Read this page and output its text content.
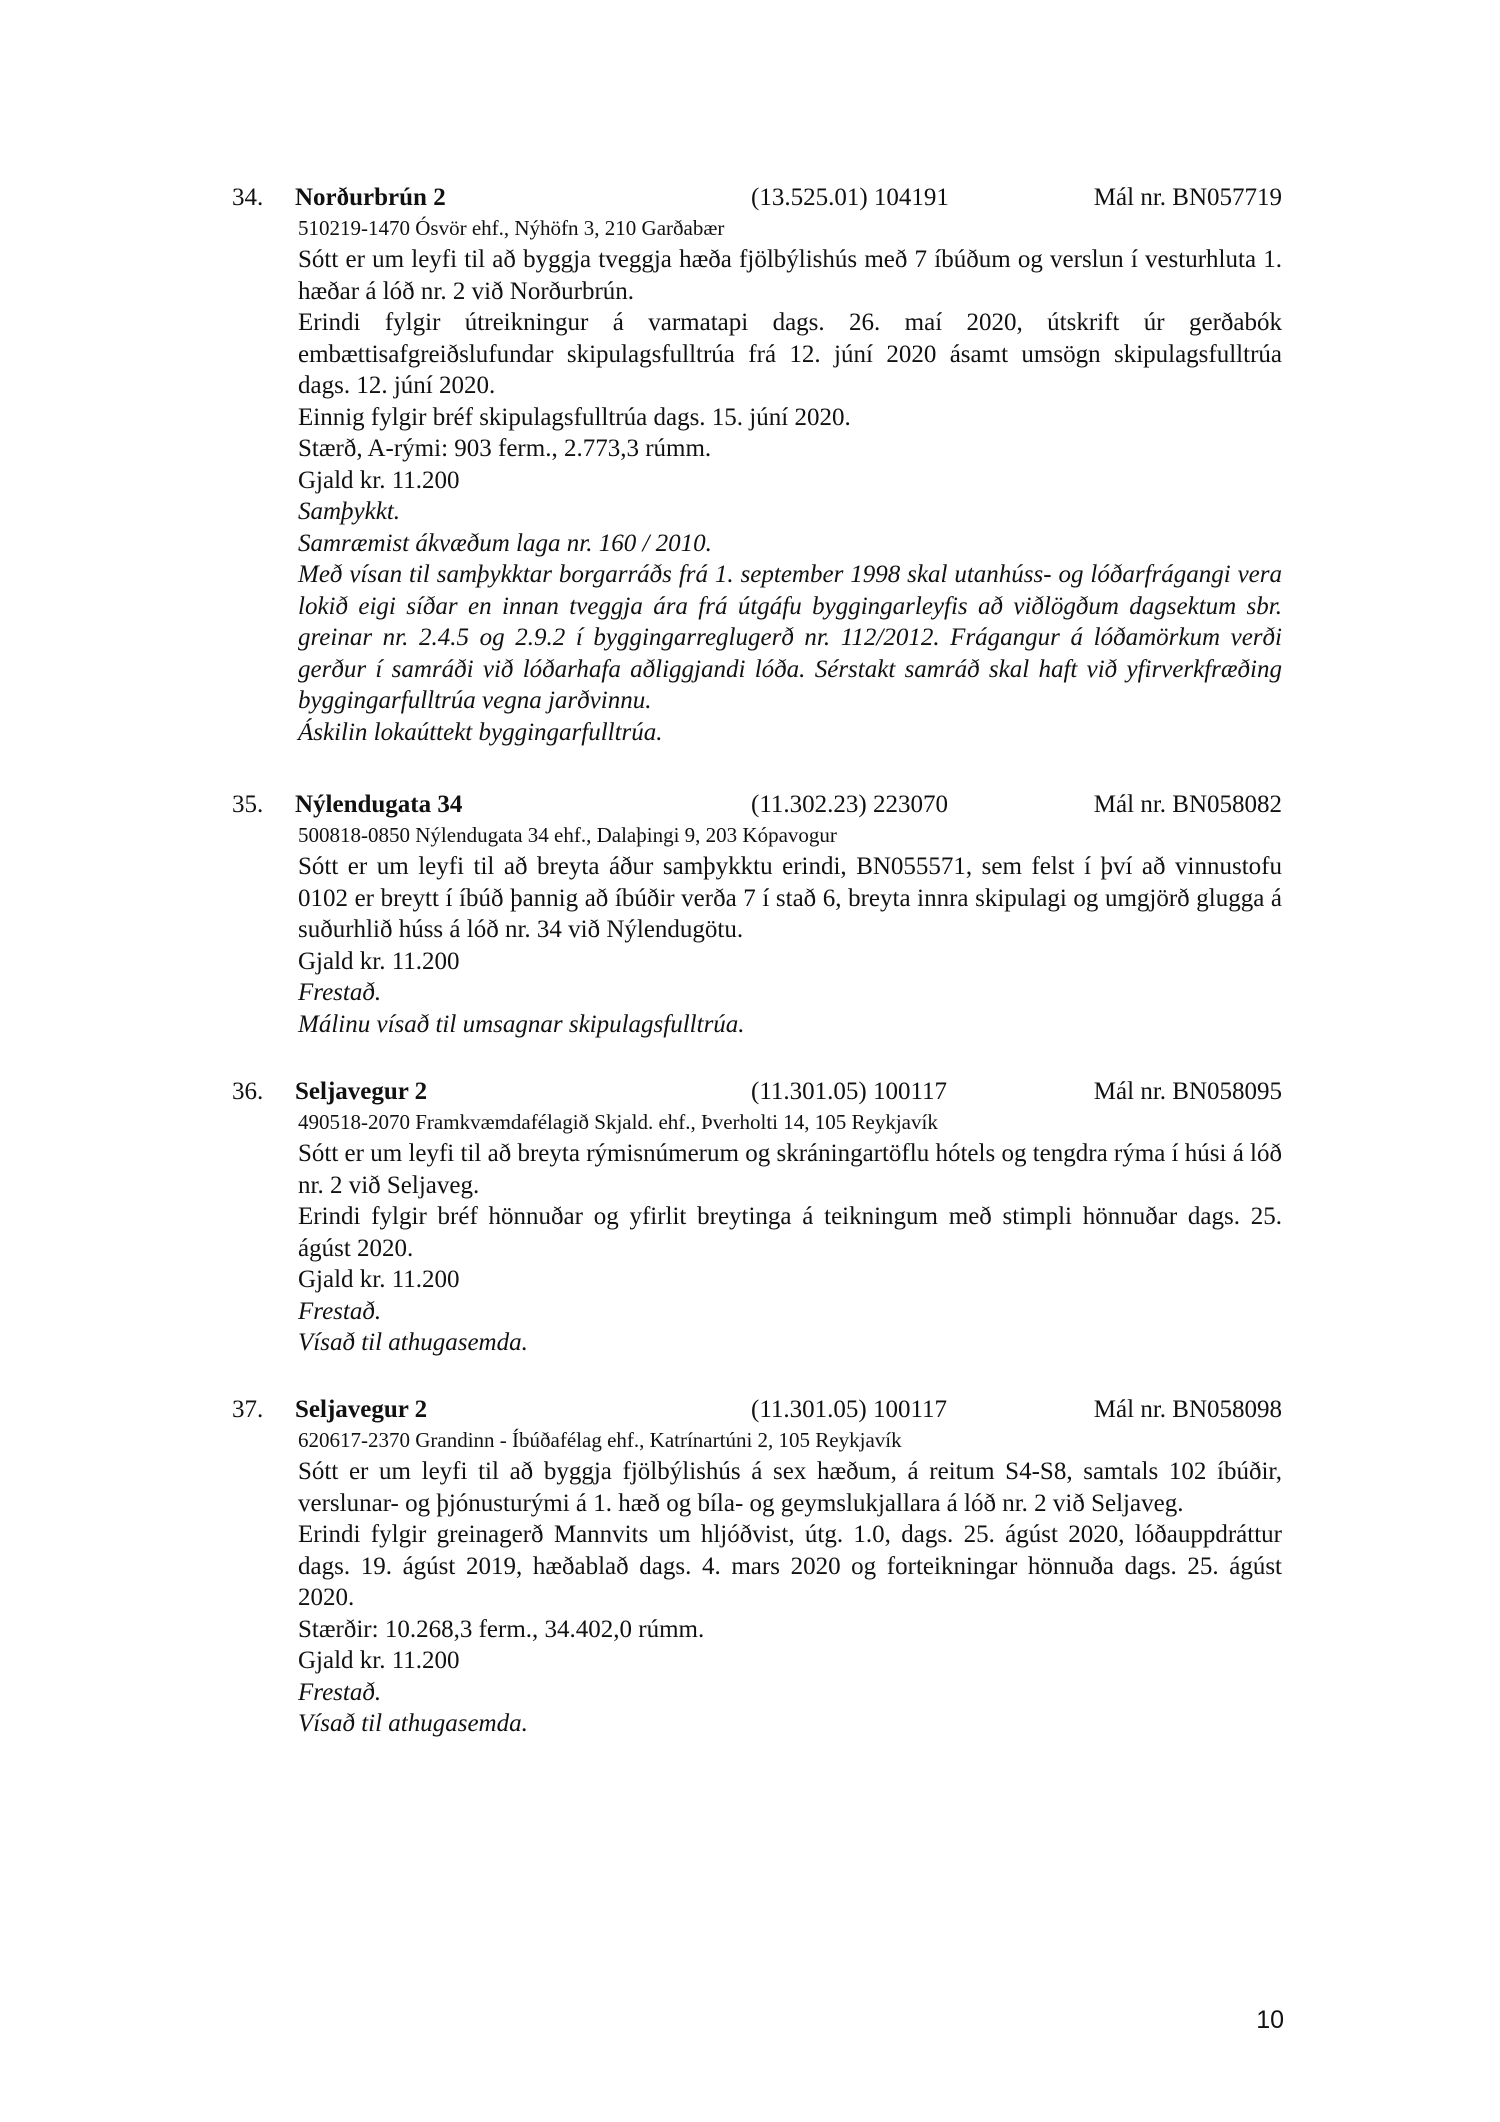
34. Norðurbrún 2	(13.525.01) 104191	Mál nr. BN057719
510219-1470 Ósvör ehf., Nýhöfn 3, 210 Garðabær

Sótt er um leyfi til að byggja tveggja hæða fjölbýlishús með 7 íbúðum og verslun í vesturhluta 1. hæðar á lóð nr. 2 við Norðurbrún.

Erindi fylgir útreikningur á varmatapi dags. 26. maí 2020, útskrift úr gerðabók embættisafgreiðslufundar skipulagsfulltrúa frá 12. júní 2020 ásamt umsögn skipulagsfulltrúa dags. 12. júní 2020.

Einnig fylgir bréf skipulagsfulltrúa dags. 15. júní 2020.

Stærð, A-rými: 903 ferm., 2.773,3 rúmm.

Gjald kr. 11.200

Samþykkt.

Samræmist ákvæðum laga nr. 160 / 2010.

Með vísan til samþykktar borgarráðs frá 1. september 1998 skal utanhúss- og lóðarfrágangi vera lokið eigi síðar en innan tveggja ára frá útgáfu byggingarleyfis að viðlögðum dagsektum sbr. greinar nr. 2.4.5 og 2.9.2 í byggingarreglugerð nr. 112/2012. Frágangur á lóðamörkum verði gerður í samráði við lóðarhafa aðliggjandi lóða. Sérstakt samráð skal haft við yfirverkfræðing byggingarfulltrúa vegna jarðvinnu.

Áskilin lokaúttekt byggingarfulltrúa.

35. Nýlendugata 34	(11.302.23) 223070	Mál nr. BN058082
500818-0850 Nýlendugata 34 ehf., Dalaþingi 9, 203 Kópavogur

Sótt er um leyfi til að breyta áður samþykktu erindi, BN055571, sem felst í því að vinnustofu 0102 er breytt í íbúð þannig að íbúðir verða 7 í stað 6, breyta innra skipulagi og umgjörð glugga á suðurhlið húss á lóð nr. 34 við Nýlendugötu.

Gjald kr. 11.200

Frestað.

Málinu vísað til umsagnar skipulagsfulltrúa.

36. Seljavegur 2	(11.301.05) 100117	Mál nr. BN058095
490518-2070 Framkvæmdafélagið Skjald. ehf., Þverholti 14, 105 Reykjavík

Sótt er um leyfi til að breyta rýmisnúmerum og skráningartöflu hótels og tengdra rýma í húsi á lóð nr. 2 við Seljaveg.

Erindi fylgir bréf hönnuðar og yfirlit breytinga á teikningum með stimpli hönnuðar dags. 25. ágúst 2020.

Gjald kr. 11.200

Frestað.

Vísað til athugasemda.

37. Seljavegur 2	(11.301.05) 100117	Mál nr. BN058098
620617-2370 Grandinn - Íbúðafélag ehf., Katrínartúni 2, 105 Reykjavík

Sótt er um leyfi til að byggja fjölbýlishús á sex hæðum, á reitum S4-S8, samtals 102 íbúðir, verslunar- og þjónusturými á 1. hæð og bíla- og geymslukjallara á lóð nr. 2 við Seljaveg.

Erindi fylgir greinagerð Mannvits um hljóðvist, útg. 1.0, dags. 25. ágúst 2020, lóðauppdráttur dags. 19. ágúst 2019, hæðablað dags. 4. mars 2020 og forteikningar hönnuða dags. 25. ágúst 2020.

Stærðir: 10.268,3 ferm., 34.402,0 rúmm.

Gjald kr. 11.200

Frestað.

Vísað til athugasemda.

10
